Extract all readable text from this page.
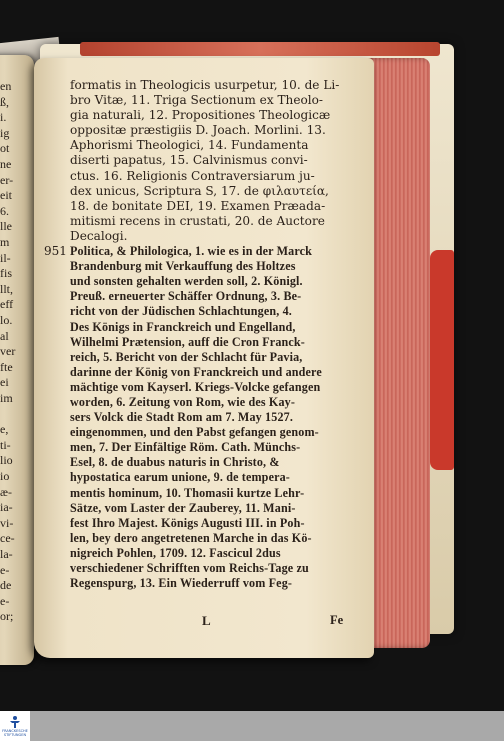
en
ß,
i.
ig
ot
ne
er-
eit
6.
lle
m
il-
fis
llt,
eff
lo.
al
ver
fte
ei
im
e,
ti-
lio
io
æ-
ia-
vi-
ce-
la-
e-
de
e-
or;
formatis in Theologicis usurpetur, 10. de Li-
bro Vitæ, 11. Triga Sectionum ex Theolo-
gia naturali, 12. Propositiones Theologicæ
oppositæ præstigiis D. Joach. Morlini. 13.
Aphorismi Theologici, 14. Fundamenta
diserti papatus, 15. Calvinismus convi-
ctus. 16. Religionis Contraversiarum ju-
dex unicus, Scriptura S, 17. de φιλαυτεία,
18. de bonitate DEI, 19. Examen Præada-
mitismi recens in crustati, 20. de Auctore
Decalogi.
951 Politica, & Philologica, 1. wie es in der Marck
Brandenburg mit Verkauffung des Holtzes
und sonsten gehalten werden soll, 2. Königl.
Preuß. erneuerter Schäffer Ordnung, 3. Be-
richt von der Jüdischen Schlachtungen, 4.
Des Königs in Franckreich und Engelland,
Wilhelmi Prætension, auff die Cron Franck-
reich, 5. Bericht von der Schlacht für Pavia,
darinne der König von Franckreich und andere
mächtige vom Kayserl. Kriegs-Volcke gefangen
worden, 6. Zeitung von Rom, wie des Kay-
sers Volck die Stadt Rom am 7. May 1527.
eingenommen, und den Pabst gefangen genom-
men, 7. Der Einfältige Röm. Cath. Münchs-
Esel, 8. de duabus naturis in Christo, &
hypostatica earum unione, 9. de tempera-
mentis hominum, 10. Thomasii kurtze Lehr-
Sätze, vom Laster der Zauberey, 11. Mani-
fest Ihro Majest. Königs Augusti III. in Poh-
len, bey dero angetretenen Marche in das Kö-
nigreich Pohlen, 1709. 12. Fascicul 2dus
verschiedener Schrifften vom Reichs-Tage zu
Regenspurg, 13. Ein Wiederruff vom Feg-
L	Fe
FRANCKESCHE
STIFTUNGEN
